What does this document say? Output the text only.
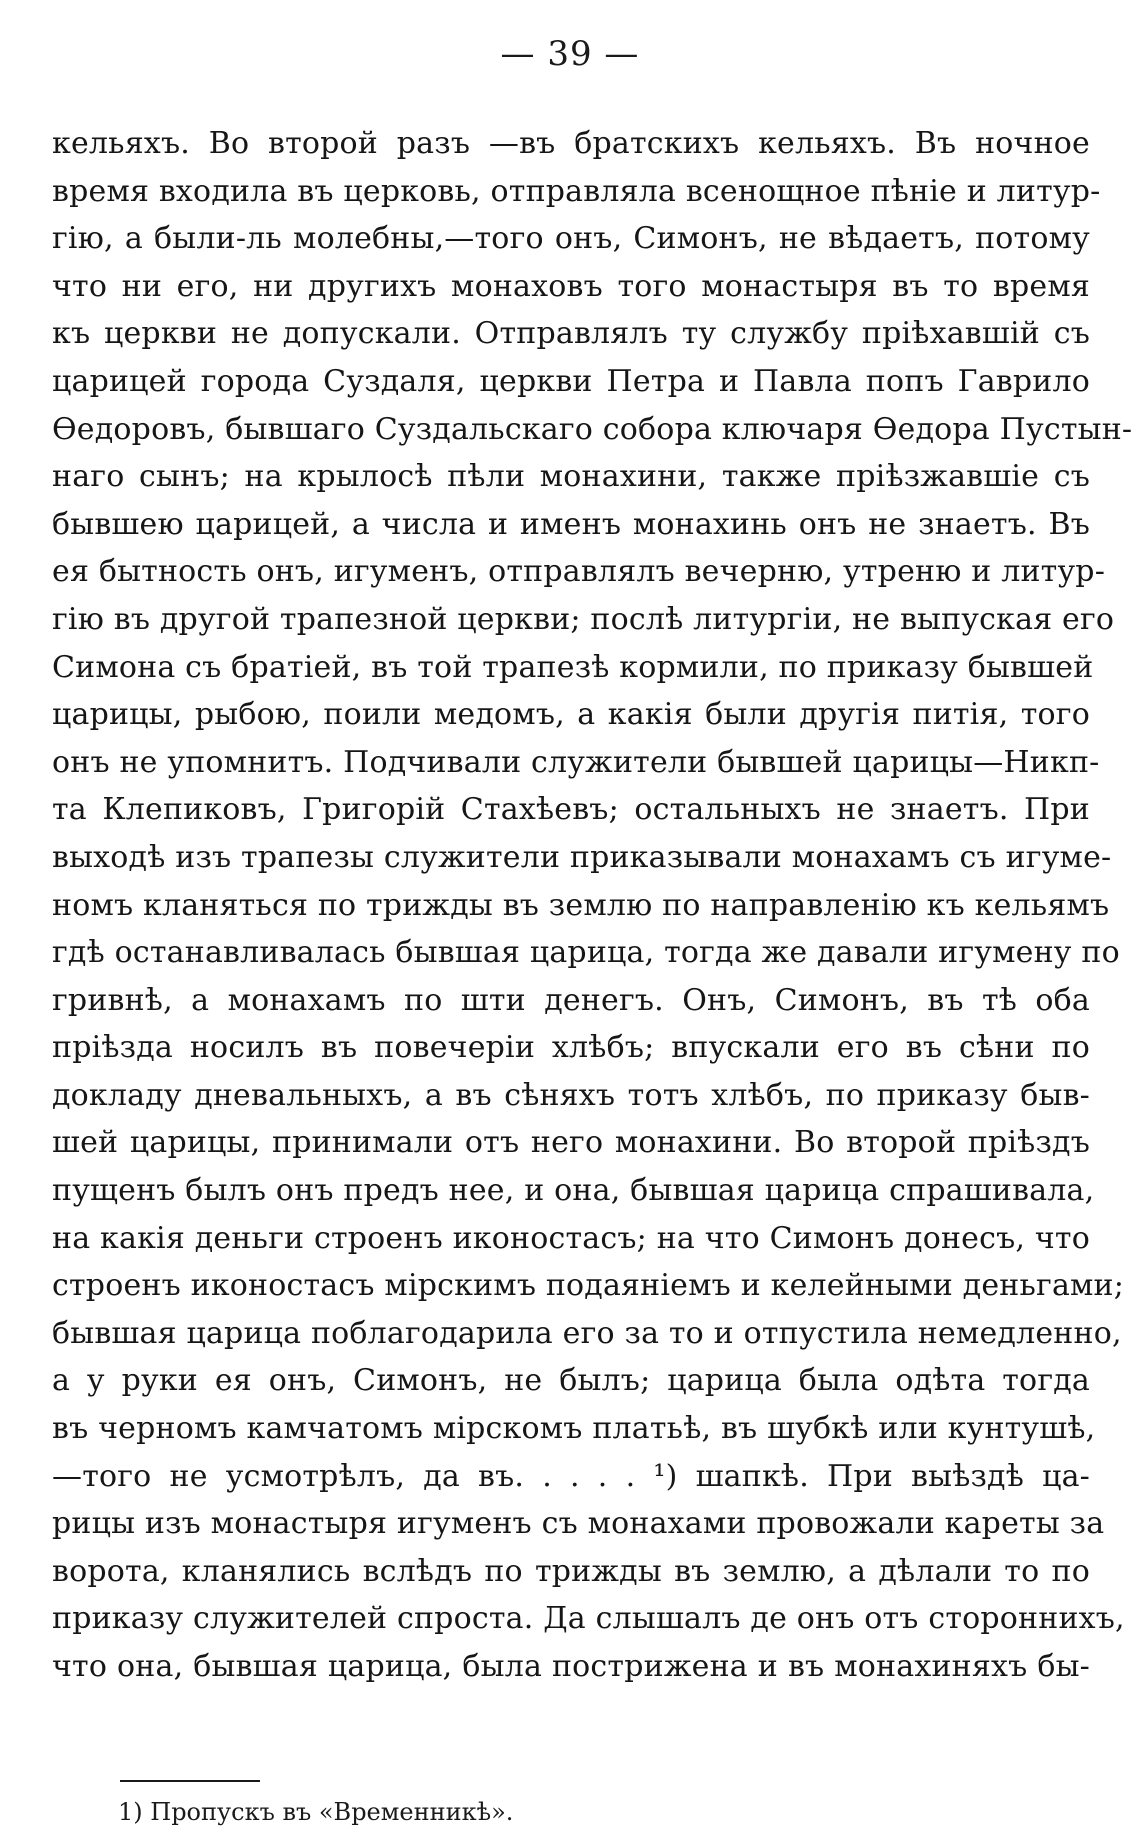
— 39 —
кельяхъ. Во второй разъ —въ братскихъ кельяхъ. Въ ночное
время входила въ церковь, отправляла всенощное пѣніе и литур-
гію, а были-ль молебны,—того онъ, Симонъ, не вѣдаетъ, потому
что ни его, ни другихъ монаховъ того монастыря въ то время
къ церкви не допускали. Отправлялъ ту службу пріѣхавшій съ
царицей города Суздаля, церкви Петра и Павла попъ Гаврило
Ѳедоровъ, бывшаго Суздальскаго собора ключаря Ѳедора Пустын-
наго сынъ; на крылосѣ пѣли монахини, также пріѣзжавшіе съ
бывшею царицей, а числа и именъ монахинь онъ не знаетъ. Въ
ея бытность онъ, игуменъ, отправлялъ вечерню, утреню и литур-
гію въ другой трапезной церкви; послѣ литургіи, не выпуская его
Симона съ братіей, въ той трапезѣ кормили, по приказу бывшей
царицы, рыбою, поили медомъ, а какія были другія питія, того
онъ не упомнитъ. Подчивали служители бывшей царицы—Никп-
та Клепиковъ, Григорій Стахѣевъ; остальныхъ не знаетъ. При
выходѣ изъ трапезы служители приказывали монахамъ съ игуме-
номъ кланяться по трижды въ землю по направленію къ кельямъ
гдѣ останавливалась бывшая царица, тогда же давали игумену по
гривнѣ, а монахамъ по шти денегъ. Онъ, Симонъ, въ тѣ оба
пріѣзда носилъ въ повечеріи хлѣбъ; впускали его въ сѣни по
докладу дневальныхъ, а въ сѣняхъ тотъ хлѣбъ, по приказу быв-
шей царицы, принимали отъ него монахини. Во второй пріѣздъ
пущенъ былъ онъ предъ нее, и она, бывшая царица спрашивала,
на какія деньги строенъ иконостасъ; на что Симонъ донесъ, что
строенъ иконостасъ мірскимъ подаяніемъ и келейными деньгами;
бывшая царица поблагодарила его за то и отпустила немедленно,
а у руки ея онъ, Симонъ, не былъ; царица была одѣта тогда
въ черномъ камчатомъ мірскомъ платьѣ, въ шубкѣ или кунтушѣ,
—того не усмотрѣлъ, да въ. . . . . ¹) шапкѣ. При выѣздѣ ца-
рицы изъ монастыря игуменъ съ монахами провожали кареты за
ворота, кланялись вслѣдъ по трижды въ землю, а дѣлали то по
приказу служителей спроста. Да слышалъ де онъ отъ стороннихъ,
что она, бывшая царица, была пострижена и въ монахиняхъ бы-
1) Пропускъ въ «Временникѣ».
